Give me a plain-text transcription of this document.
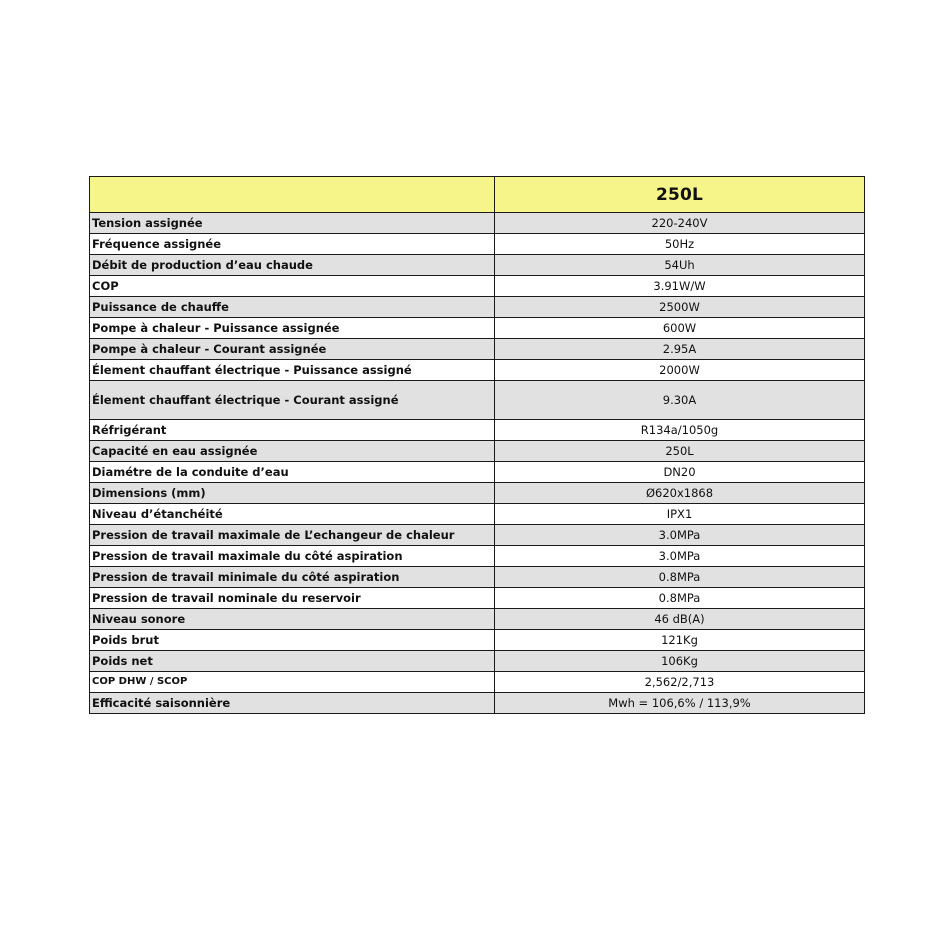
	250L
Tension assignée	220-240V
Fréquence assignée	50Hz
Débit de production d’eau chaude	54Uh
COP	3.91W/W
Puissance de chauffe	2500W
Pompe à chaleur - Puissance assignée	600W
Pompe à chaleur - Courant assignée	2.95A
Élement chauffant électrique - Puissance assigné	2000W
Élement chauffant électrique - Courant assigné	9.30A
Réfrigérant	R134a/1050g
Capacité en eau assignée	250L
Diamétre de la conduite d’eau	DN20
Dimensions (mm)	Ø620x1868
Niveau d’étanchéité	IPX1
Pression de travail maximale de L’echangeur de chaleur	3.0MPa
Pression de travail maximale du côté aspiration	3.0MPa
Pression de travail minimale du côté aspiration	0.8MPa
Pression de travail nominale du reservoir	0.8MPa
Niveau sonore	46 dB(A)
Poids brut	121Kg
Poids net	106Kg
COP DHW / SCOP	2,562/2,713
Efficacité saisonnière	Mwh = 106,6% / 113,9%
